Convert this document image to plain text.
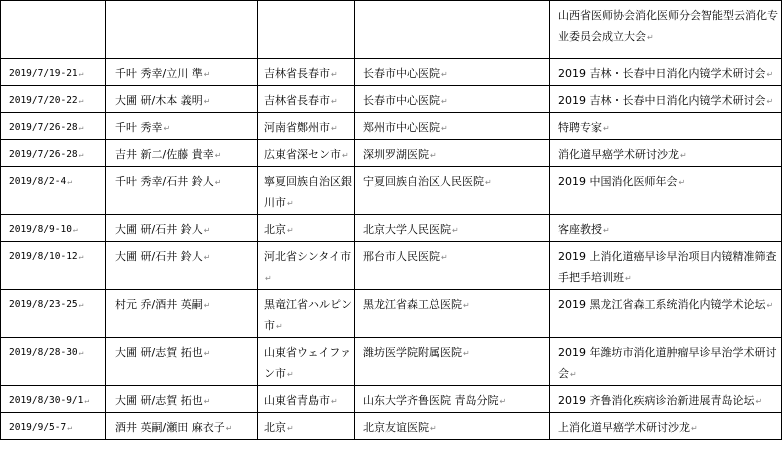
				山西省医师协会消化医师分会智能型云消化专业委员会成立大会↵
2019/7/19-21↵	千叶 秀幸/立川 準↵	吉林省長春市↵	长春市中心医院↵	2019 吉林・长春中日消化内镜学术研讨会↵
2019/7/20-22↵	大圃 研/木本 義明↵	吉林省長春市↵	长春市中心医院↵	2019 吉林・长春中日消化内镜学术研讨会↵
2019/7/26-28↵	千叶 秀幸↵	河南省鄭州市↵	郑州市中心医院↵	特聘专家↵
2019/7/26-28↵	吉井 新二/佐藤 貴幸↵	広東省深セン市↵	深圳罗湖医院↵	消化道早癌学术研讨沙龙↵
2019/8/2-4↵	千叶 秀幸/石井 鈴人↵	寧夏回族自治区銀川市↵	宁夏回族自治区人民医院↵	2019 中国消化医师年会↵
2019/8/9-10↵	大圃 研/石井 鈴人↵	北京↵	北京大学人民医院↵	客座教授↵
2019/8/10-12↵	大圃 研/石井 鈴人↵	河北省シンタイ市↵	邢台市人民医院↵	2019 上消化道癌早诊早治项目内镜精准筛查手把手培训班↵
2019/8/23-25↵	村元 乔/酒井 英嗣↵	黒竜江省ハルピン市↵	黑龙江省森工总医院↵	2019 黑龙江省森工系统消化内镜学术论坛↵
2019/8/28-30↵	大圃 研/志賀 拓也↵	山東省ウェイファン市↵	潍坊医学院附属医院↵	2019 年潍坊市消化道肿瘤早诊早治学术研讨会↵
2019/8/30-9/1↵	大圃 研/志賀 拓也↵	山東省青島市↵	山东大学齐鲁医院 青岛分院↵	2019 齐鲁消化疾病诊治新进展青岛论坛↵
2019/9/5-7↵	酒井 英嗣/瀬田 麻衣子↵	北京↵	北京友谊医院↵	上消化道早癌学术研讨沙龙↵
